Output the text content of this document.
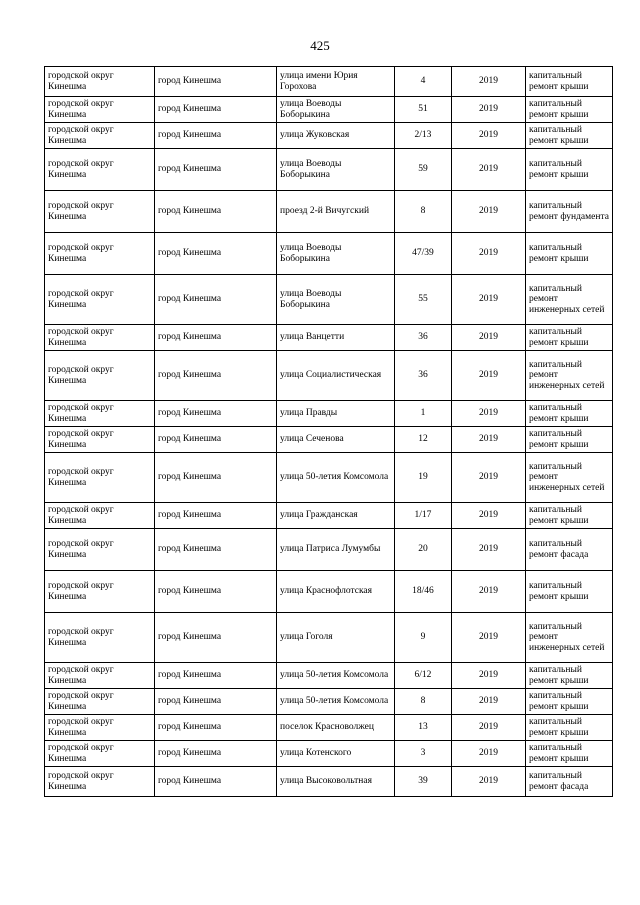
425
городской округ Кинешма	город Кинешма	улица имени Юрия Горохова	4	2019	капитальный ремонт крыши
городской округ Кинешма	город Кинешма	улица Воеводы Боборыкина	51	2019	капитальный ремонт крыши
городской округ Кинешма	город Кинешма	улица Жуковская	2/13	2019	капитальный ремонт крыши
городской округ Кинешма	город Кинешма	улица Воеводы Боборыкина	59	2019	капитальный ремонт крыши
городской округ Кинешма	город Кинешма	проезд 2-й Вичугский	8	2019	капитальный ремонт фундамента
городской округ Кинешма	город Кинешма	улица Воеводы Боборыкина	47/39	2019	капитальный ремонт крыши
городской округ Кинешма	город Кинешма	улица Воеводы Боборыкина	55	2019	капитальный ремонт инженерных сетей
городской округ Кинешма	город Кинешма	улица Ванцетти	36	2019	капитальный ремонт крыши
городской округ Кинешма	город Кинешма	улица Социалистическая	36	2019	капитальный ремонт инженерных сетей
городской округ Кинешма	город Кинешма	улица Правды	1	2019	капитальный ремонт крыши
городской округ Кинешма	город Кинешма	улица Сеченова	12	2019	капитальный ремонт крыши
городской округ Кинешма	город Кинешма	улица 50-летия Комсомола	19	2019	капитальный ремонт инженерных сетей
городской округ Кинешма	город Кинешма	улица Гражданская	1/17	2019	капитальный ремонт крыши
городской округ Кинешма	город Кинешма	улица Патриса Лумумбы	20	2019	капитальный ремонт фасада
городской округ Кинешма	город Кинешма	улица Краснофлотская	18/46	2019	капитальный ремонт крыши
городской округ Кинешма	город Кинешма	улица Гоголя	9	2019	капитальный ремонт инженерных сетей
городской округ Кинешма	город Кинешма	улица 50-летия Комсомола	6/12	2019	капитальный ремонт крыши
городской округ Кинешма	город Кинешма	улица 50-летия Комсомола	8	2019	капитальный ремонт крыши
городской округ Кинешма	город Кинешма	поселок Красноволжец	13	2019	капитальный ремонт крыши
городской округ Кинешма	город Кинешма	улица Котенского	3	2019	капитальный ремонт крыши
городской округ Кинешма	город Кинешма	улица Высоковольтная	39	2019	капитальный ремонт фасада
